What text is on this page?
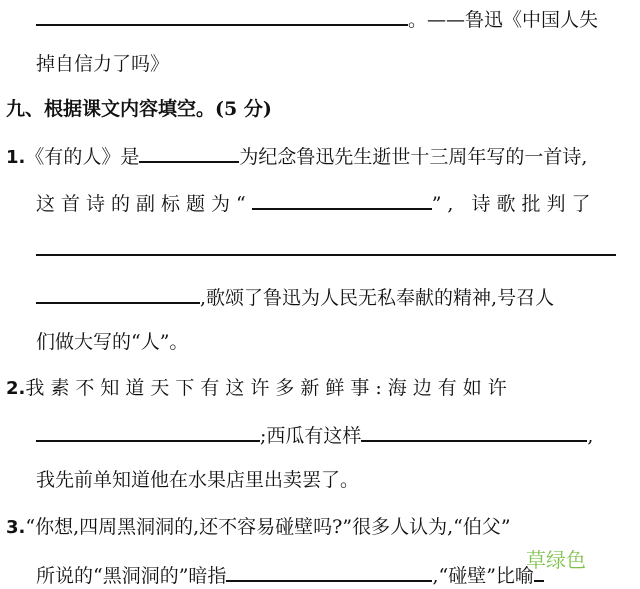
。——鲁迅《中国人失
掉自信力了吗》
九、根据课文内容填空。(5 分)
1.《有的人》是	为纪念鲁迅先生逝世十三周年写的一首诗,
这首诗的副标题为“	”, 诗歌批判了
,歌颂了鲁迅为人民无私奉献的精神,号召人
们做大写的“人”。
2.我素不知道天下有这许多新鲜事:海边有如许
;西瓜有这样	,
我先前单知道他在水果店里出卖罢了。
3.“你想,四周黑洞洞的,还不容易碰壁吗?”很多人认为,“伯父”
所说的“黑洞洞的”暗指	,“碰壁”比喻
草绿色
